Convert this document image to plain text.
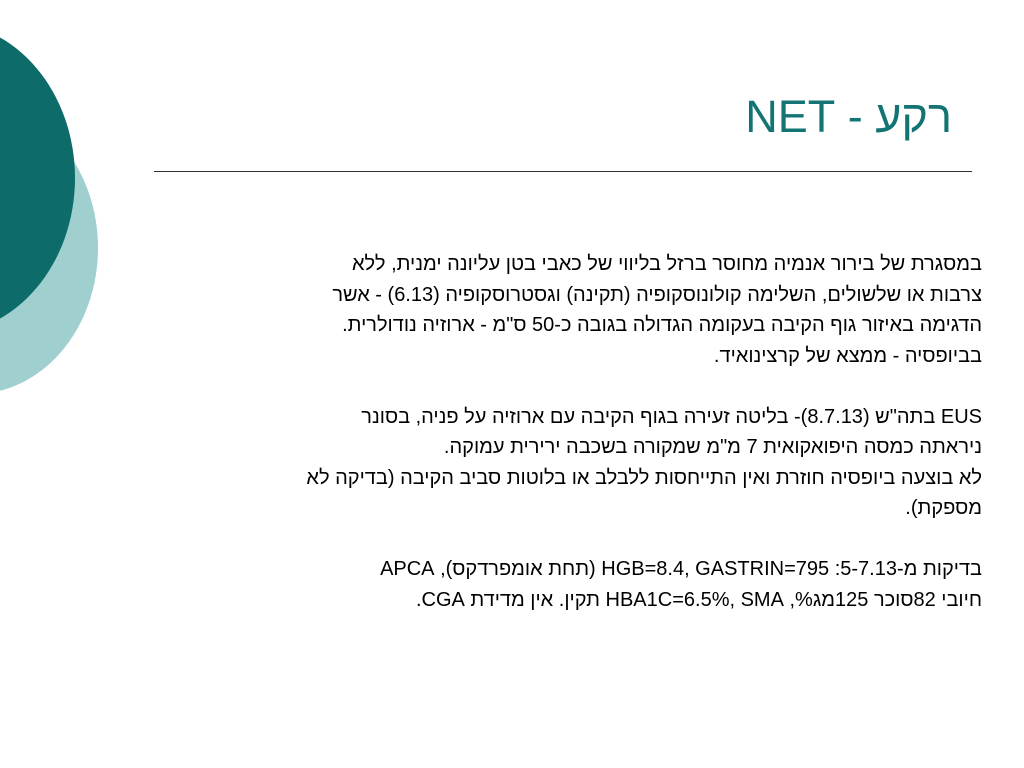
רקע - NET
במסגרת של בירור אנמיה מחוסר ברזל בליווי של כאבי בטן עליונה ימנית, ללא
צרבות או שלשולים, השלימה קולונוסקופיה (תקינה) וגסטרוסקופיה (6.13) - אשר
הדגימה באיזור גוף הקיבה בעקומה הגדולה בגובה כ-50 ס"מ - ארוזיה נודולרית.
בביופסיה - ממצא של קרצינואיד.
EUS בתה"ש (8.7.13)- בליטה זעירה בגוף הקיבה עם ארוזיה על פניה, בסונר
ניראתה כמסה היפואקואית 7 מ"מ שמקורה בשכבה ירירית עמוקה.
לא בוצעה ביופסיה חוזרת ואין התייחסות ללבלב או בלוטות סביב הקיבה (בדיקה לא
מספקת).
בדיקות מ-5-7.13: HGB=8.4, GASTRIN=795 (תחת אומפרדקס), APCA
חיובי 82סוכר 125מג%, HBA1C=6.5%, SMA תקין. אין מדידת CGA.
